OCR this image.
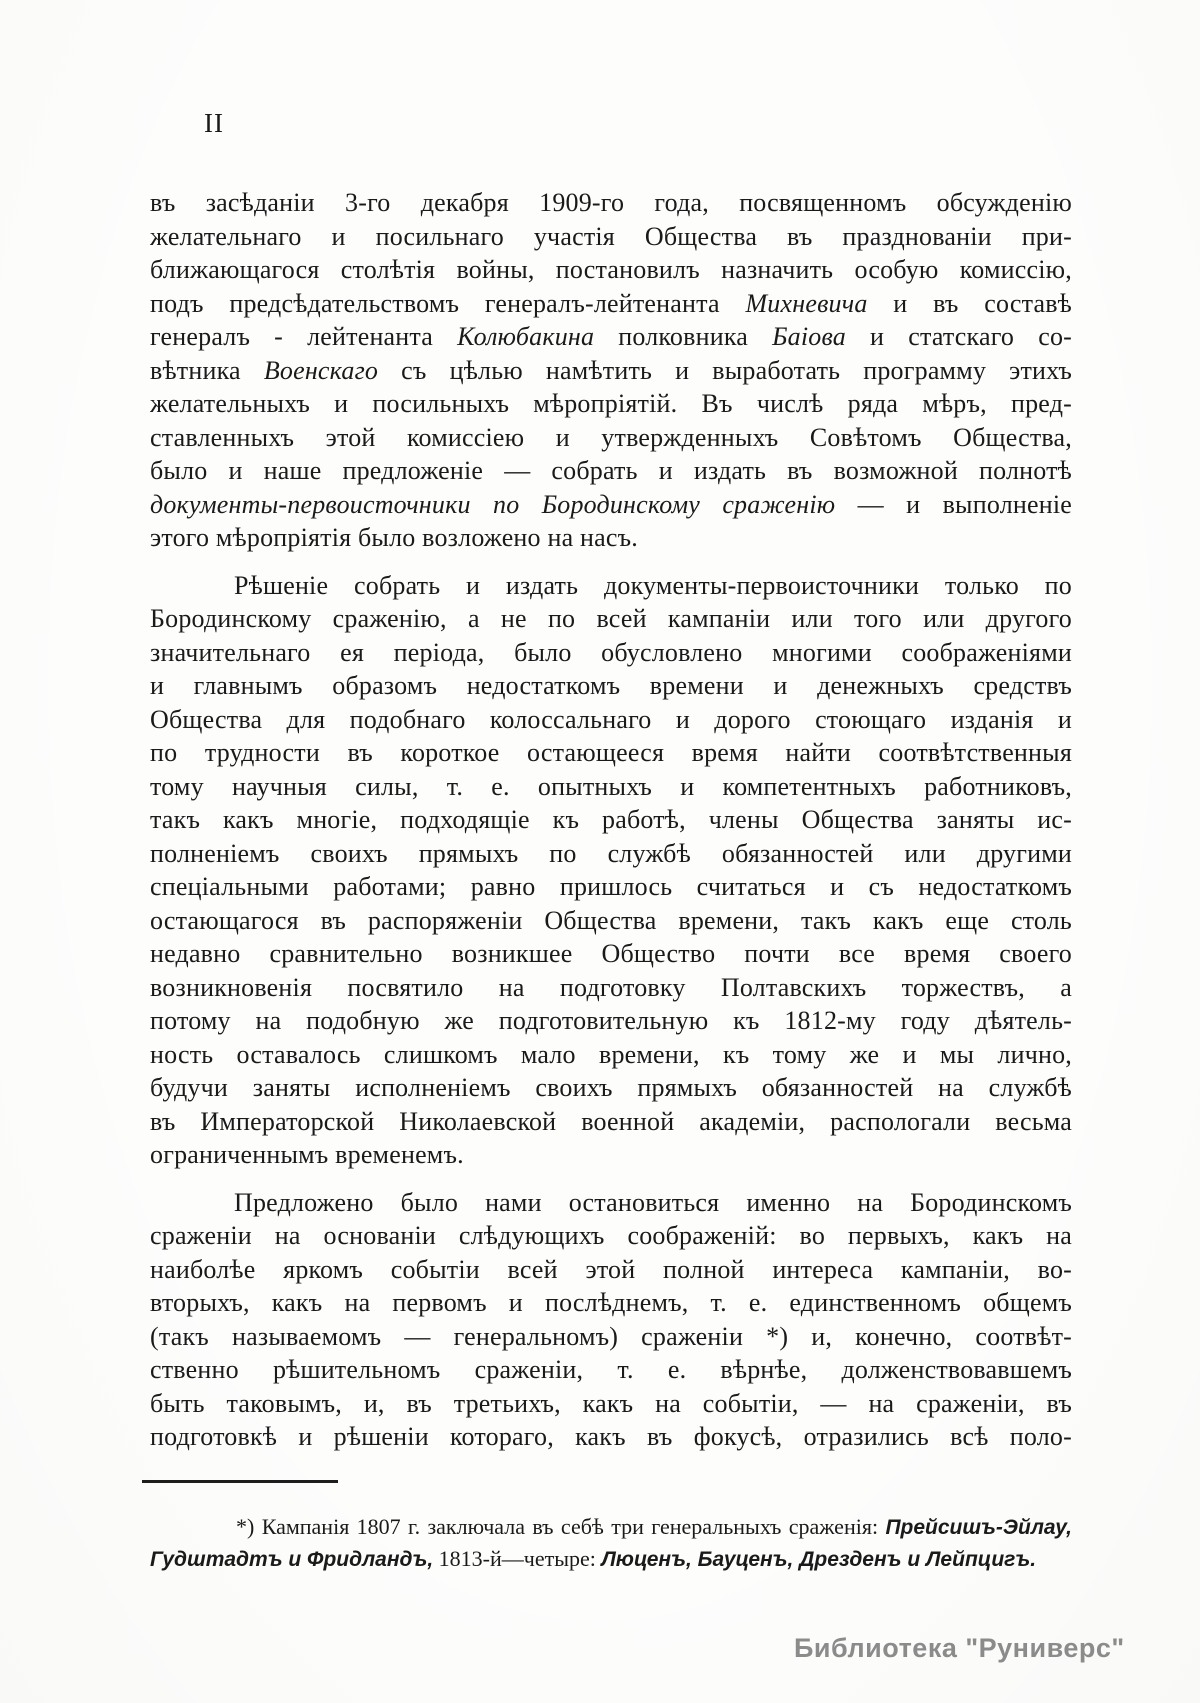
II
въ засѣданіи 3-го декабря 1909-го года, посвященномъ обсужденію
желательнаго и посильнаго участія Общества въ празднованіи при-
ближающагося столѣтія войны, постановилъ назначить особую комиссію,
подъ предсѣдательствомъ генералъ-лейтенанта Михневича и въ составѣ
генералъ - лейтенанта Колюбакина полковника Баіова и статскаго со-
вѣтника Военскаго съ цѣлью намѣтить и выработать программу этихъ
желательныхъ и посильныхъ мѣропріятій. Въ числѣ ряда мѣръ, пред-
ставленныхъ этой комиссіею и утвержденныхъ Совѣтомъ Общества,
было и наше предложеніе — собрать и издать въ возможной полнотѣ
документы-первоисточники по Бородинскому сраженію — и выполненіе
этого мѣропріятія было возложено на насъ.
Рѣшеніе собрать и издать документы-первоисточники только по
Бородинскому сраженію, а не по всей кампаніи или того или другого
значительнаго ея періода, было обусловлено многими соображеніями
и главнымъ образомъ недостаткомъ времени и денежныхъ средствъ
Общества для подобнаго колоссальнаго и дорого стоющаго изданія и
по трудности въ короткое остающееся время найти соотвѣтственныя
тому научныя силы, т. е. опытныхъ и компетентныхъ работниковъ,
такъ какъ многіе, подходящіе къ работѣ, члены Общества заняты ис-
полненіемъ своихъ прямыхъ по службѣ обязанностей или другими
спеціальными работами; равно пришлось считаться и съ недостаткомъ
остающагося въ распоряженіи Общества времени, такъ какъ еще столь
недавно сравнительно возникшее Общество почти все время своего
возникновенія посвятило на подготовку Полтавскихъ торжествъ, а
потому на подобную же подготовительную къ 1812-му году дѣятель-
ность оставалось слишкомъ мало времени, къ тому же и мы лично,
будучи заняты исполненіемъ своихъ прямыхъ обязанностей на службѣ
въ Императорской Николаевской военной академіи, распологали весьма
ограниченнымъ временемъ.
Предложено было нами остановиться именно на Бородинскомъ
сраженіи на основаніи слѣдующихъ соображеній: во первыхъ, какъ на
наиболѣе яркомъ событіи всей этой полной интереса кампаніи, во-
вторыхъ, какъ на первомъ и послѣднемъ, т. е. единственномъ общемъ
(такъ называемомъ — генеральномъ) сраженіи *) и, конечно, соотвѣт-
ственно рѣшительномъ сраженіи, т. е. вѣрнѣе, долженствовавшемъ
быть таковымъ, и, въ третьихъ, какъ на событіи, — на сраженіи, въ
подготовкѣ и рѣшеніи котораго, какъ въ фокусѣ, отразились всѣ поло-
*) Кампанія 1807 г. заключала въ себѣ три генеральныхъ сраженія: Прейсишъ-Эйлау,
Гудштадтъ и Фридландъ, 1813-й—четыре: Люценъ, Бауценъ, Дрезденъ и Лейпцигъ.
Библиотека "Руниверс"
